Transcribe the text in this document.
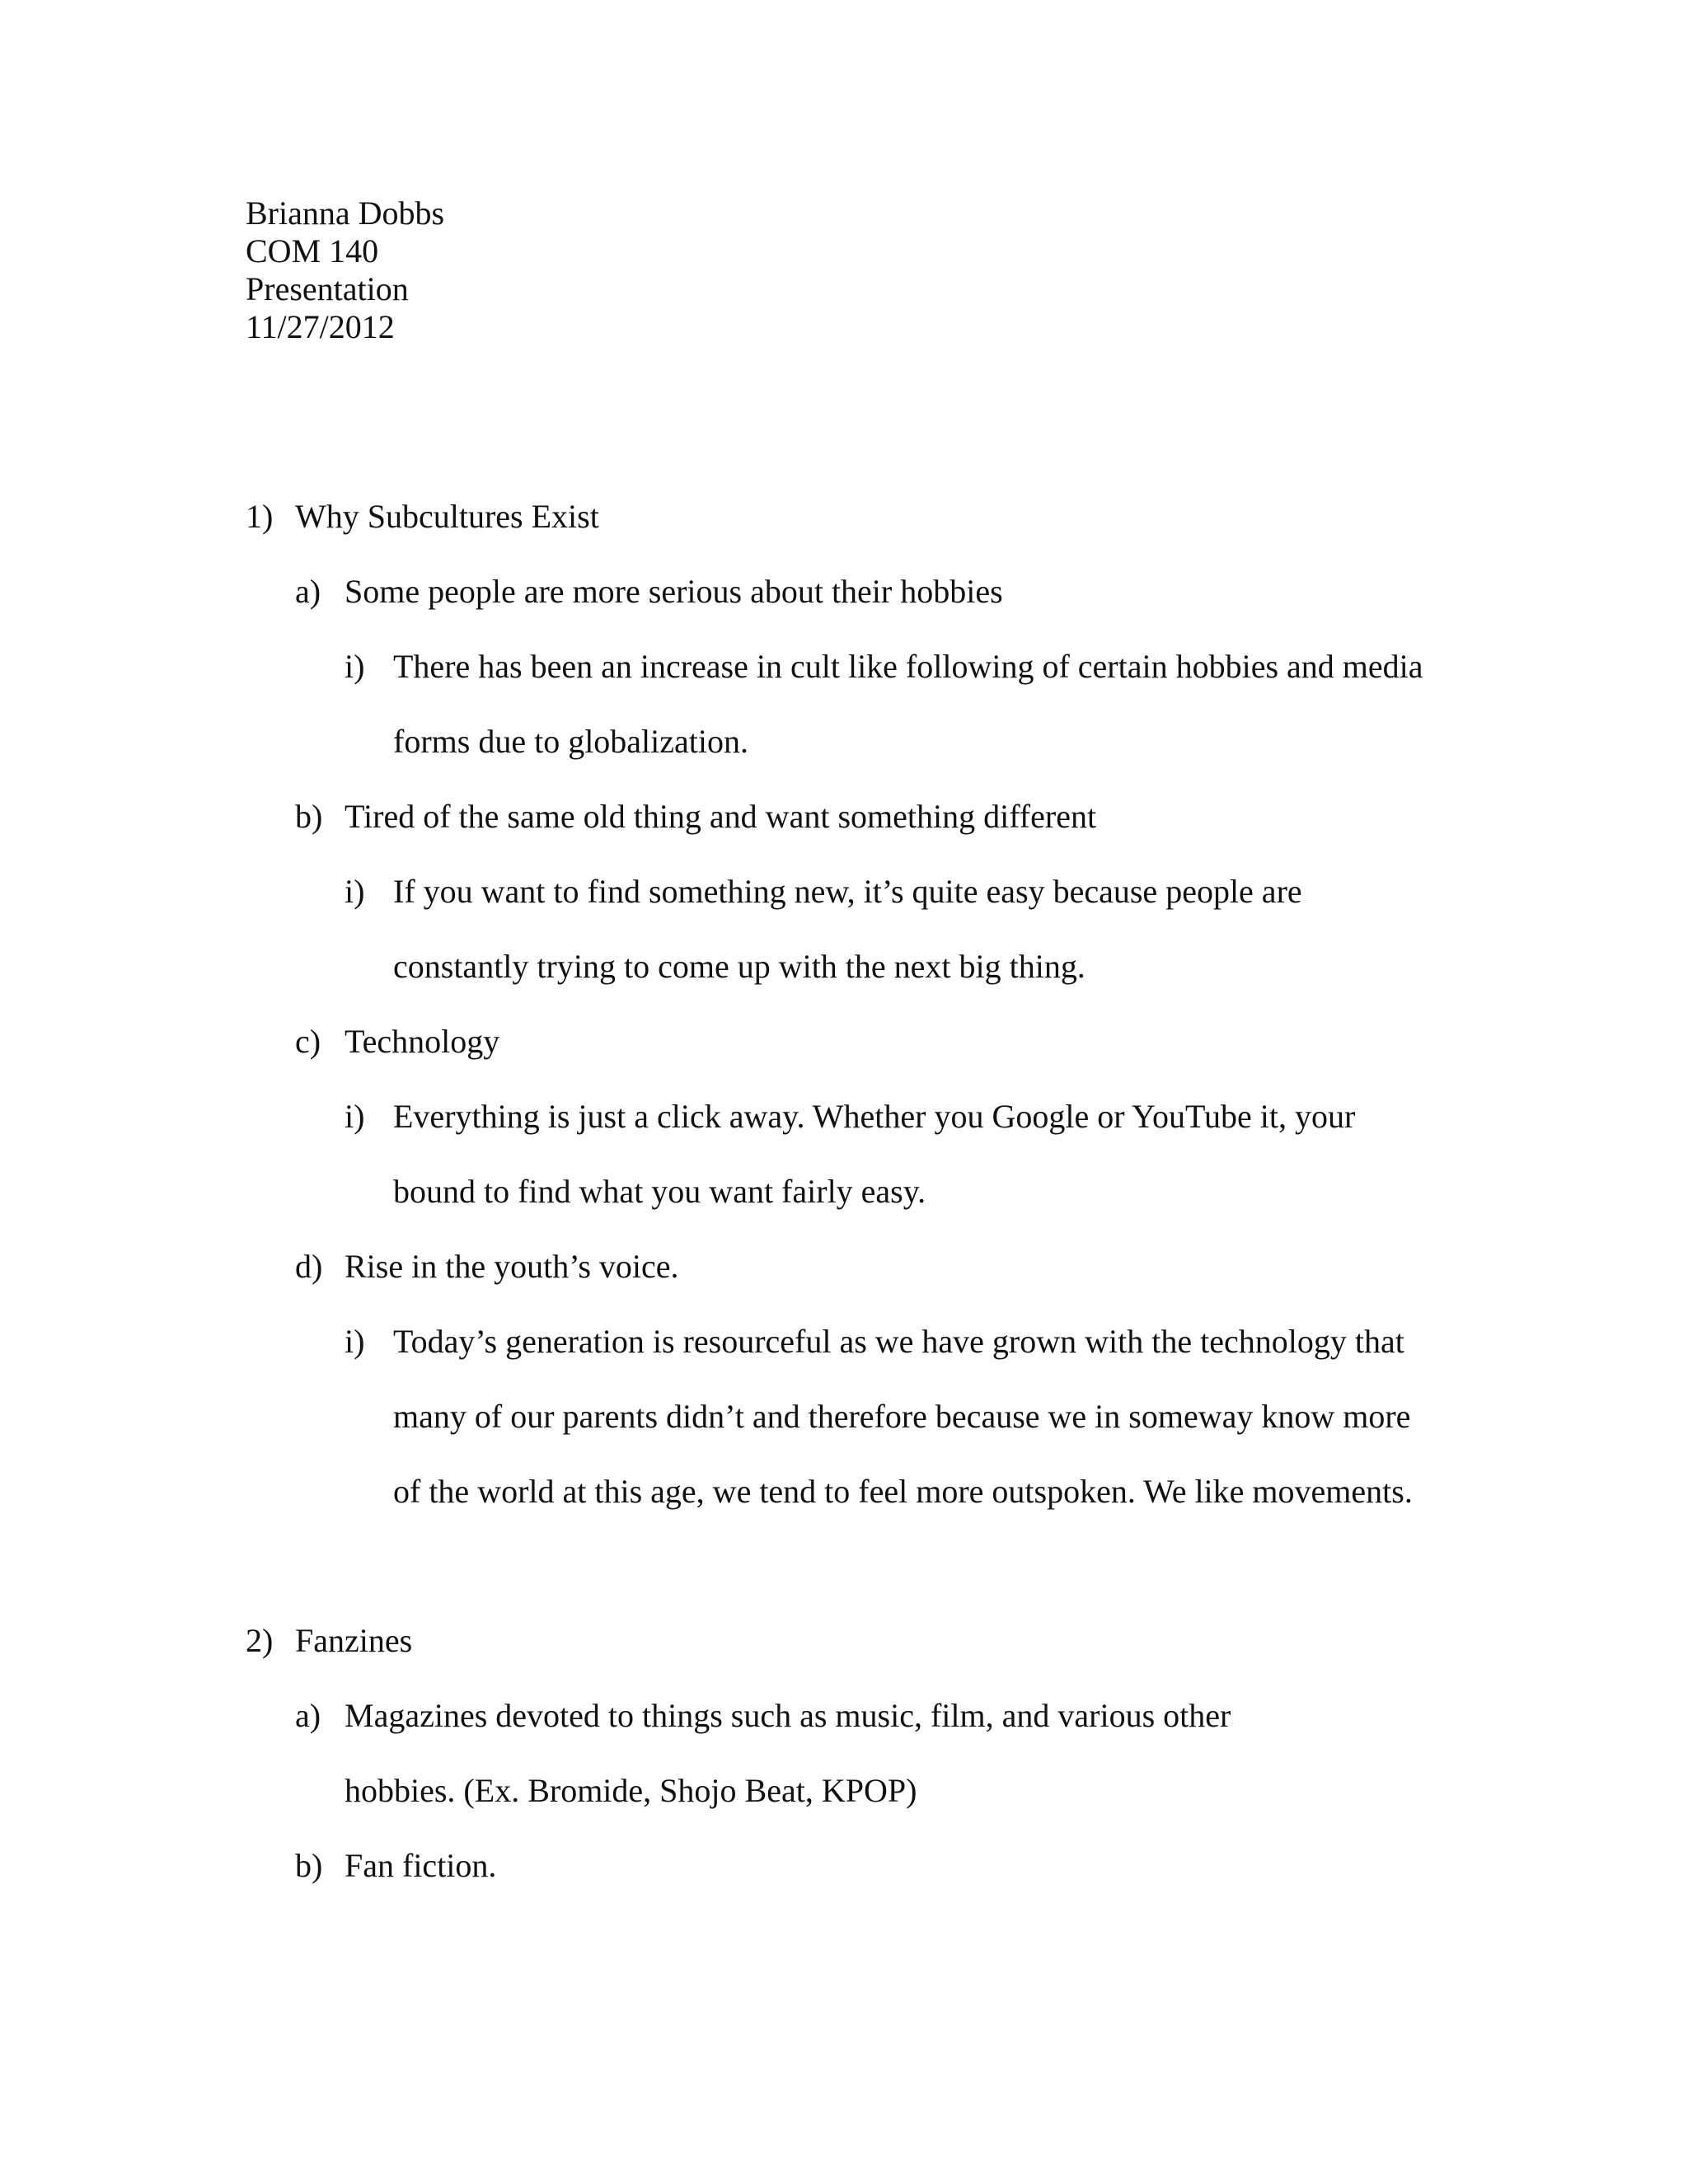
Brianna Dobbs
COM 140
Presentation
11/27/2012
1) Why Subcultures Exist
a) Some people are more serious about their hobbies
i) There has been an increase in cult like following of certain hobbies and media
forms due to globalization.
b) Tired of the same old thing and want something different
i) If you want to find something new, it’s quite easy because people are
constantly trying to come up with the next big thing.
c) Technology
i) Everything is just a click away. Whether you Google or YouTube it, your
bound to find what you want fairly easy.
d) Rise in the youth’s voice.
i) Today’s generation is resourceful as we have grown with the technology that
many of our parents didn’t and therefore because we in someway know more
of the world at this age, we tend to feel more outspoken. We like movements.
2) Fanzines
a) Magazines devoted to things such as music, film, and various other
hobbies. (Ex. Bromide, Shojo Beat, KPOP)
b) Fan fiction.
